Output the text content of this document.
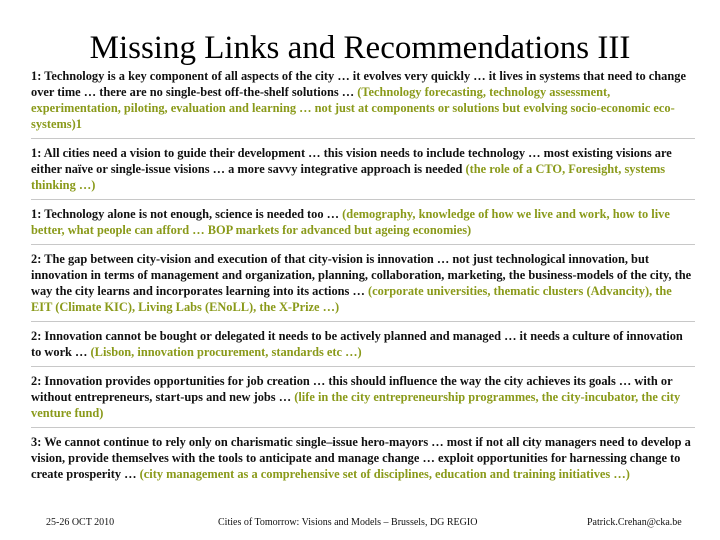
Missing Links and Recommendations III

1: Technology is a key component of all aspects of the city … it evolves very quickly … it lives in systems that need to change over time … there are no single-best off-the-shelf solutions … (Technology forecasting, technology assessment, experimentation, piloting, evaluation and learning … not just at components or solutions but evolving socio-economic eco-systems)1

1: All cities need a vision to guide their development … this vision needs to include technology … most existing visions are either naïve or single-issue visions … a more savvy integrative approach is needed (the role of a CTO, Foresight, systems thinking …)

1: Technology alone is not enough, science is needed too … (demography, knowledge of how we live and work, how to live better, what people can afford … BOP markets for advanced but ageing economies)

2: The gap between city-vision and execution of that city-vision is innovation … not just technological innovation, but innovation in terms of management and organization, planning, collaboration, marketing, the business-models of the city, the way the city learns and incorporates learning into its actions … (corporate universities, thematic clusters (Advancity), the EIT (Climate KIC), Living Labs (ENoLL), the X-Prize …)

2: Innovation cannot be bought or delegated it needs to be actively planned and managed … it needs a culture of innovation to work … (Lisbon, innovation procurement, standards etc …)

2: Innovation provides opportunities for job creation … this should influence the way the city achieves its goals … with or without entrepreneurs, start-ups and new jobs … (life in the city entrepreneurship programmes, the city-incubator, the city venture fund)

3: We cannot continue to rely only on charismatic single–issue hero-mayors … most if not all city managers need to develop a vision, provide themselves with the tools to anticipate and manage change … exploit opportunities for harnessing change to create prosperity … (city management as a comprehensive set of disciplines, education and training initiatives …)

25-26 OCT 2010	Cities of Tomorrow: Visions and Models – Brussels, DG REGIO	Patrick.Crehan@cka.be
